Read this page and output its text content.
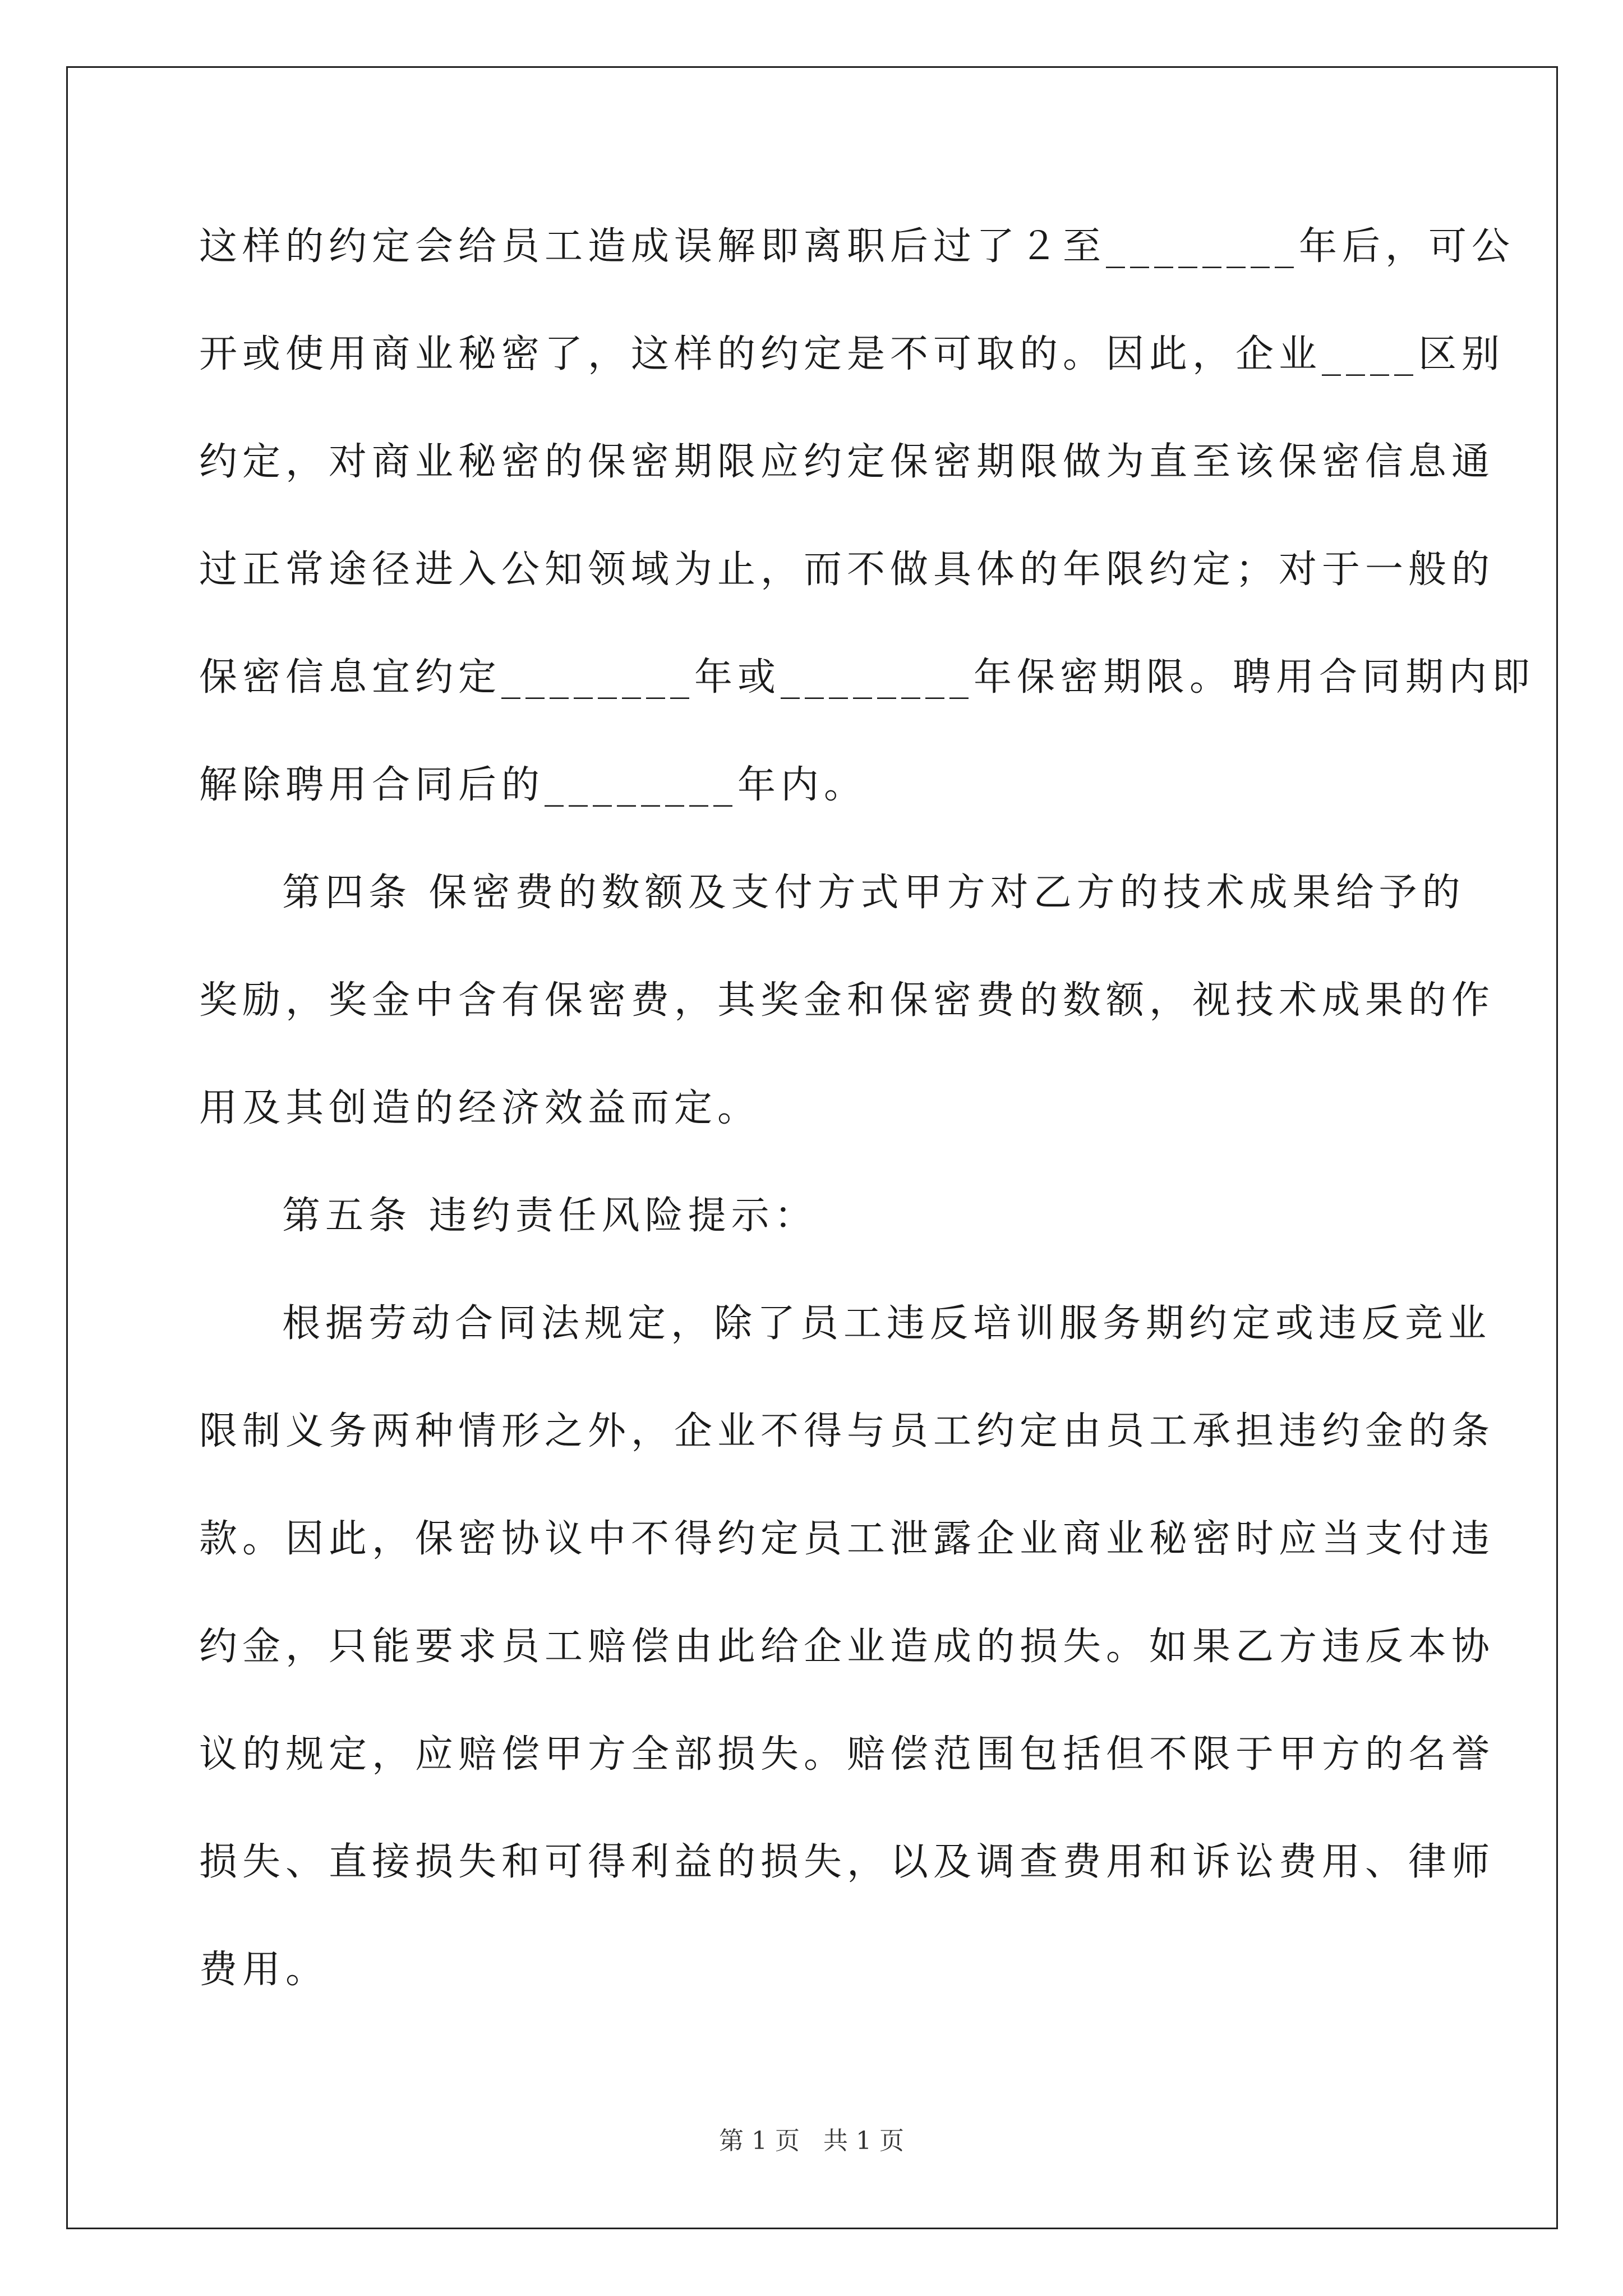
这样的约定会给员工造成误解即离职后过了２至________年后，可公
开或使用商业秘密了，这样的约定是不可取的。因此，企业____区别
约定，对商业秘密的保密期限应约定保密期限做为直至该保密信息通
过正常途径进入公知领域为止，而不做具体的年限约定；对于一般的
保密信息宜约定________年或________年保密期限。聘用合同期内即
解除聘用合同后的________年内。
第四条 保密费的数额及支付方式甲方对乙方的技术成果给予的
奖励，奖金中含有保密费，其奖金和保密费的数额，视技术成果的作
用及其创造的经济效益而定。
第五条 违约责任风险提示：
根据劳动合同法规定，除了员工违反培训服务期约定或违反竞业
限制义务两种情形之外，企业不得与员工约定由员工承担违约金的条
款。因此，保密协议中不得约定员工泄露企业商业秘密时应当支付违
约金，只能要求员工赔偿由此给企业造成的损失。如果乙方违反本协
议的规定，应赔偿甲方全部损失。赔偿范围包括但不限于甲方的名誉
损失、直接损失和可得利益的损失，以及调查费用和诉讼费用、律师
费用。
第 1 页   共 1 页
